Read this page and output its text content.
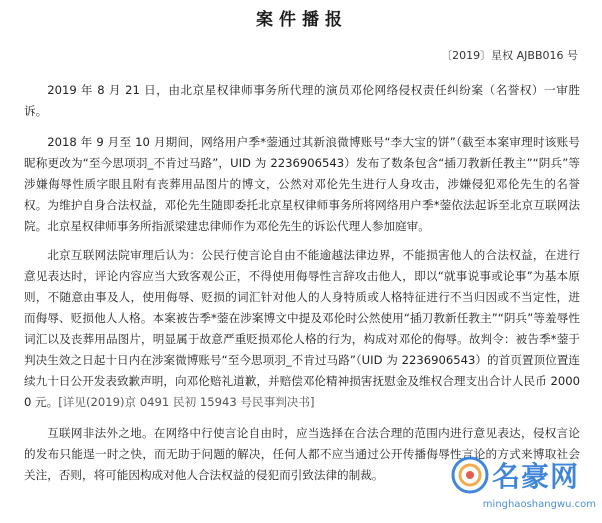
案件播报
〔2019〕星权 AJBB016 号

2019 年 8 月 21 日，由北京星权律师事务所代理的演员邓伦网络侵权责任纠纷案（名誉权）一审胜诉。

2018 年 9 月至 10 月期间，网络用户季*蓥通过其新浪微博账号“李大宝的饼”（截至本案审理时该账号昵称更改为“至今思项羽_不肯过马路”，UID 为 2236906543）发布了数条包含“插刀教新任教主”“阴兵”等涉嫌侮辱性质字眼且附有丧葬用品图片的博文，公然对邓伦先生进行人身攻击，涉嫌侵犯邓伦先生的名誉权。为维护自身合法权益，邓伦先生随即委托北京星权律师事务所将网络用户季*蓥依法起诉至北京互联网法院。北京星权律师事务所指派梁建忠律师作为邓伦先生的诉讼代理人参加庭审。

北京互联网法院审理后认为：公民行使言论自由不能逾越法律边界，不能损害他人的合法权益，在进行意见表达时，评论内容应当大致客观公正，不得使用侮辱性言辞攻击他人，即以“就事说事或论事”为基本原则，不随意由事及人，使用侮辱、贬损的词汇针对他人的人身特质或人格特征进行不当归因或不当定性，进而侮辱、贬损他人人格。本案被告季*蓥在涉案博文中提及邓伦时公然使用“插刀教新任教主”“阴兵”等羞辱性词汇以及丧葬用品图片，明显属于故意严重贬损邓伦人格的行为，构成对邓伦的侮辱。故判令：被告季*蓥于判决生效之日起十日内在涉案微博账号“至今思项羽_不肯过马路”（UID 为 2236906543）的首页置顶位置连续九十日公开发表致歉声明，向邓伦赔礼道歉，并赔偿邓伦精神损害抚慰金及维权合理支出合计人民币 20000 元。[详见(2019)京 0491 民初 15943 号民事判决书]

互联网非法外之地。在网络中行使言论自由时，应当选择在合法合理的范围内进行意见表达，侵权言论的发布只能逞一时之快，而无助于问题的解决，任何人都不应当通过公开传播侮辱性言论的方式来博取社会关注，否则，将可能因构成对他人合法权益的侵犯而引致法律的制裁。	名豪网
minghaoshangwu.com
